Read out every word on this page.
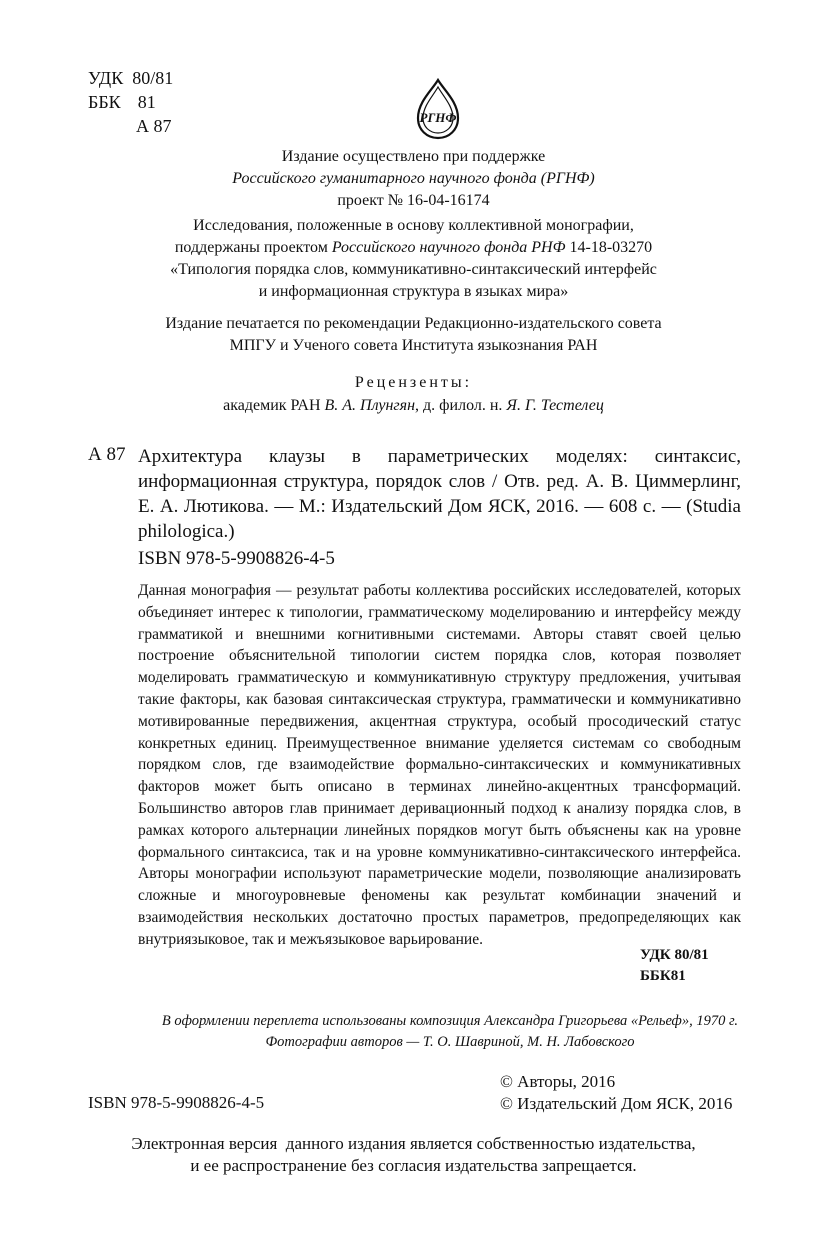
УДК 80/81
ББК 81
А 87	РГНФ
Издание осуществлено при поддержке
Российского гуманитарного научного фонда (РГНФ)
проект № 16-04-16174
Исследования, положенные в основу коллективной монографии,
поддержаны проектом Российского научного фонда РНФ 14-18-03270
«Типология порядка слов, коммуникативно-синтаксический интерфейс
и информационная структура в языках мира»
Издание печатается по рекомендации Редакционно-издательского совета
МПГУ и Ученого совета Института языкознания РАН
Рецензенты:
академик РАН В. А. Плунгян, д. филол. н. Я. Г. Тестелец
А 87 Архитектура клаузы в параметрических моделях: синтаксис, информационная структура, порядок слов / Отв. ред. А. В. Циммерлинг, Е. А. Лютикова. — М.: Издательский Дом ЯСК, 2016. — 608 с. — (Studia philologica.)
ISBN 978-5-9908826-4-5
Данная монография — результат работы коллектива российских исследователей, которых объединяет интерес к типологии, грамматическому моделированию и интерфейсу между грамматикой и внешними когнитивными системами. Авторы ставят своей целью построение объяснительной типологии систем порядка слов, которая позволяет моделировать грамматическую и коммуникативную структуру предложения, учитывая такие факторы, как базовая синтаксическая структура, грамматически и коммуникативно мотивированные передвижения, акцентная структура, особый просодический статус конкретных единиц. Преимущественное внимание уделяется системам со свободным порядком слов, где взаимодействие формально-синтаксических и коммуникативных факторов может быть описано в терминах линейно-акцентных трансформаций. Большинство авторов глав принимает деривационный подход к анализу порядка слов, в рамках которого альтернации линейных порядков могут быть объяснены как на уровне формального синтаксиса, так и на уровне коммуникативно-синтаксического интерфейса. Авторы монографии используют параметрические модели, позволяющие анализировать сложные и многоуровневые феномены как результат комбинации значений и взаимодействия нескольких достаточно простых параметров, предопределяющих как внутриязыковое, так и межъязыковое варьирование.
УДК 80/81
ББК81
В оформлении переплета использованы композиция Александра Григорьева «Рельеф», 1970 г.
Фотографии авторов — Т. О. Шавриной, М. Н. Лабовского
© Авторы, 2016
© Издательский Дом ЯСК, 2016
ISBN 978-5-9908826-4-5
Электронная версия  данного издания является собственностью издательства,
и ее распространение без согласия издательства запрещается.
